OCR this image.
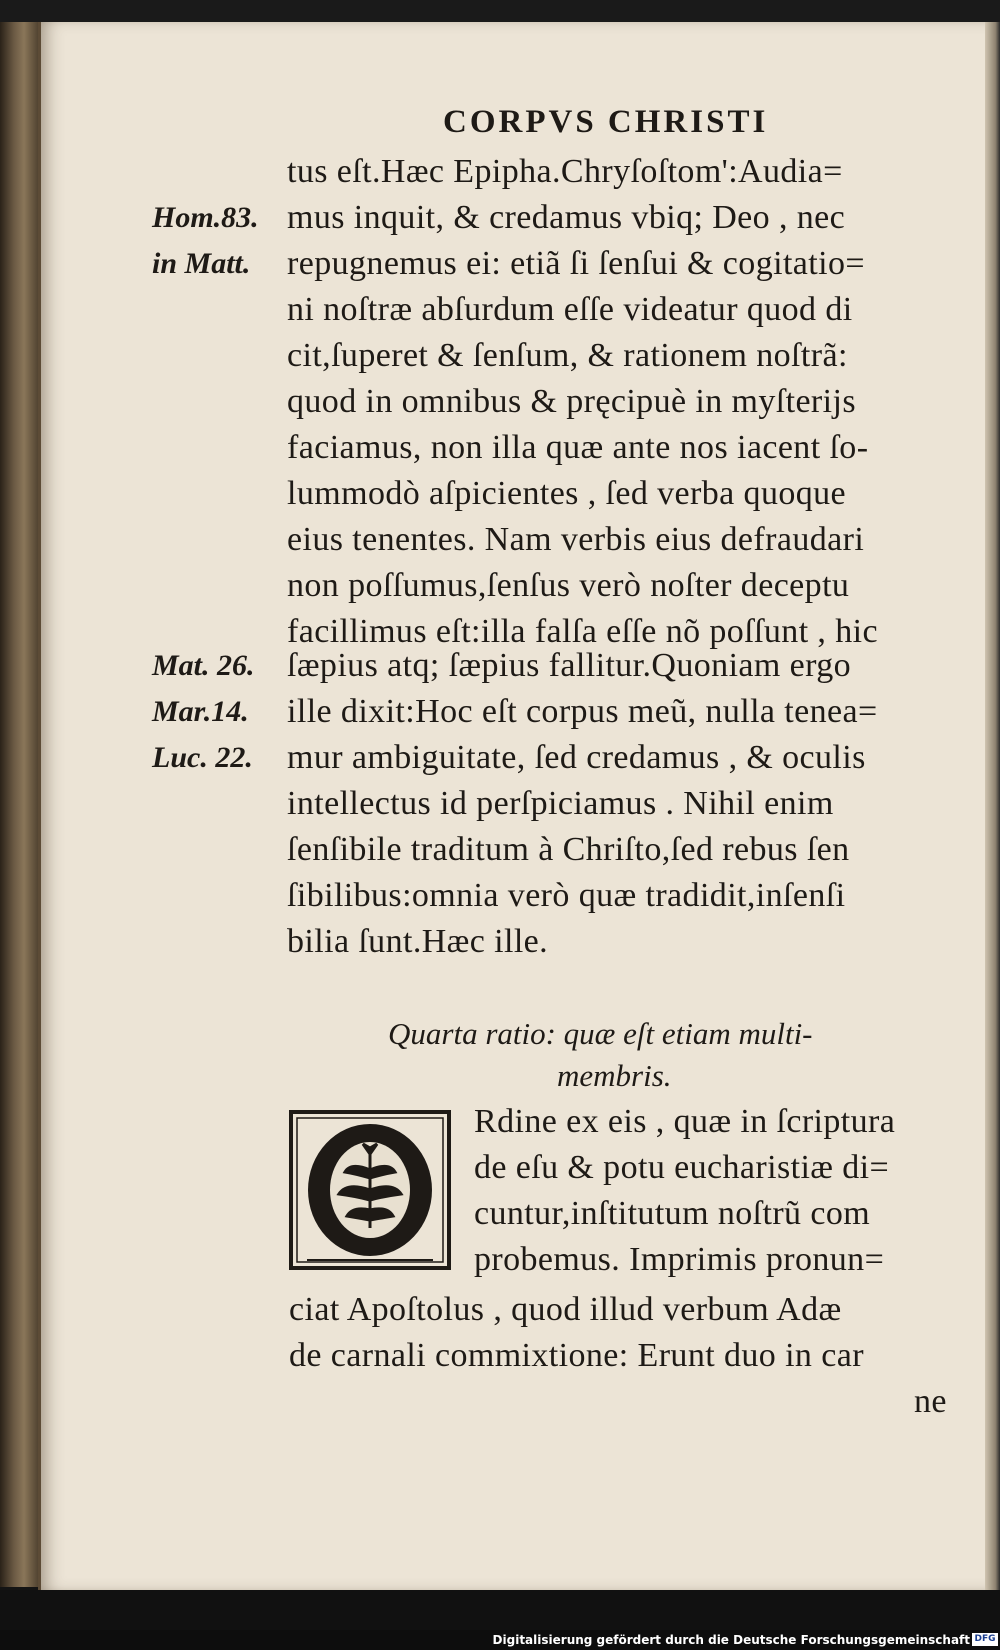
CORPVS CHRISTI
Hom.83.
in Matt.
Mat. 26.
Mar.14.
Luc. 22.
tus eſt.Hæc Epipha.Chryſoſtom':Audia=
mus inquit, & credamus vbiq; Deo , nec
repugnemus ei: etiã ſi ſenſui & cogitatio=
ni noſtræ abſurdum eſſe videatur quod di
cit,ſuperet & ſenſum, & rationem noſtrã:
quod in omnibus & pręcipuè in myſterijs
faciamus, non illa quæ ante nos iacent ſo-
lummodò aſpicientes , ſed verba quoque
eius tenentes. Nam verbis eius defraudari
non poſſumus,ſenſus verò noſter deceptu
facillimus eſt:illa falſa eſſe nõ poſſunt , hic
ſæpius atq; ſæpius fallitur.Quoniam ergo
ille dixit:Hoc eſt corpus meũ, nulla tenea=
mur ambiguitate, ſed credamus , & oculis
intellectus id perſpiciamus . Nihil enim
ſenſibile traditum à Chriſto,ſed rebus ſen
ſibilibus:omnia verò quæ tradidit,inſenſi
bilia ſunt.Hæc ille.
Quarta ratio: quæ eſt etiam multi-
membris.
Rdine ex eis , quæ in ſcriptura
de eſu & potu eucharistiæ di=
cuntur,inſtitutum noſtrũ com
probemus. Imprimis pronun=
ciat Apoſtolus , quod illud verbum Adæ
de carnali commixtione: Erunt duo in car
ne
Digitalisierung gefördert durch die Deutsche Forschungsgemeinschaft DFG
